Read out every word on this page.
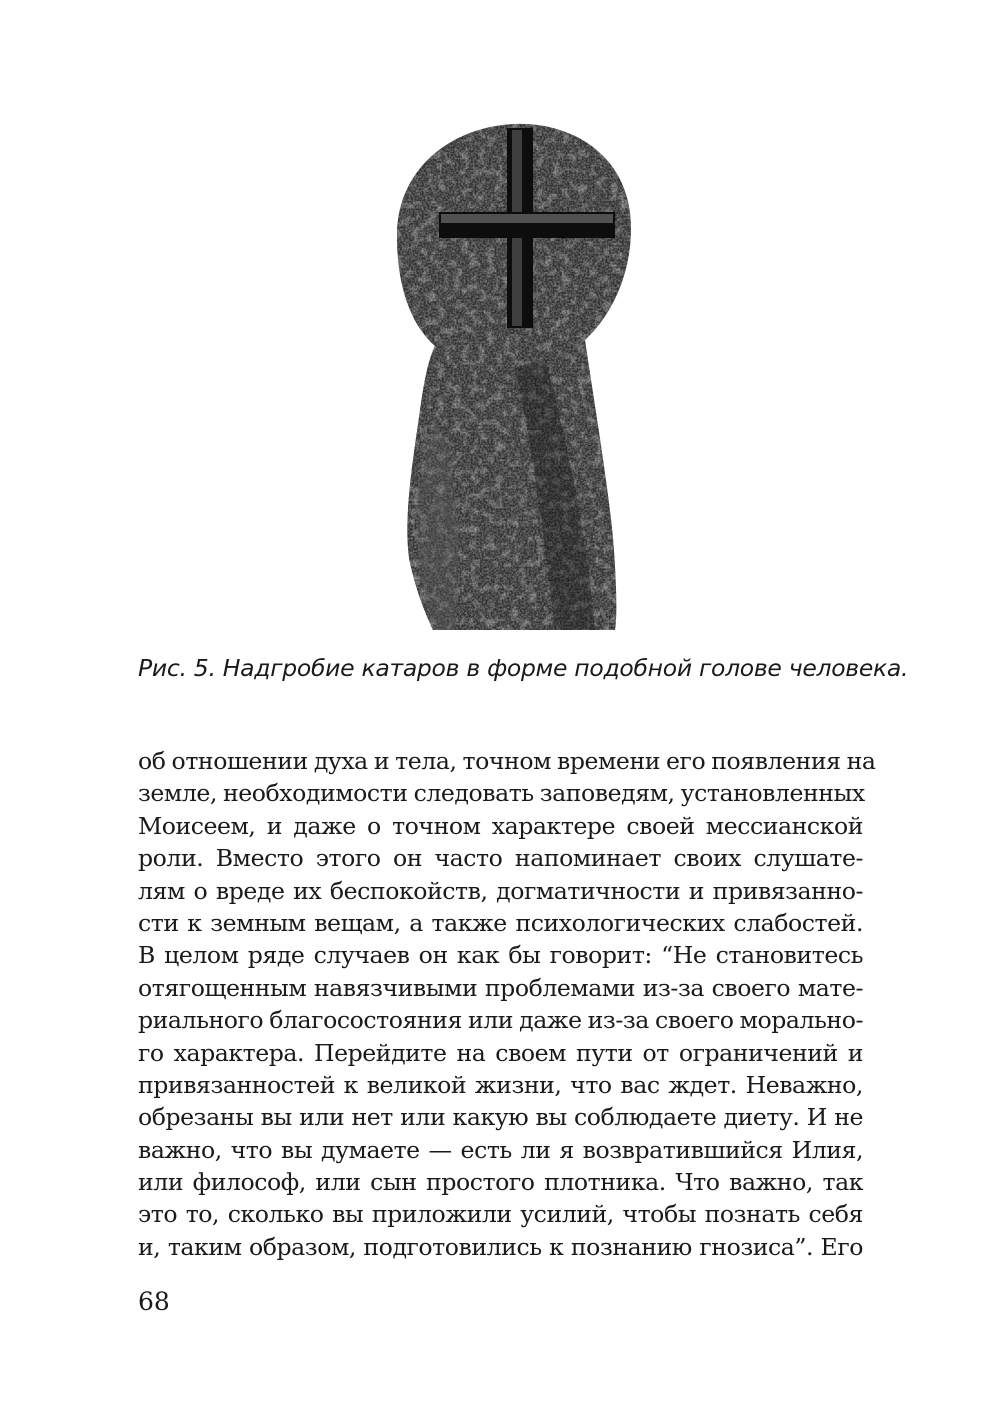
Рис. 5. Надгробие катаров в форме подобной голове человека.
об отношении духа и тела, точном времени его появления на
земле, необходимости следовать заповедям, установленных
Моисеем, и даже о точном характере своей мессианской
роли. Вместо этого он часто напоминает своих слушате-
лям о вреде их беспокойств, догматичности и привязанно-
сти к земным вещам, а также психологических слабостей.
В целом ряде случаев он как бы говорит: “Не становитесь
отягощенным навязчивыми проблемами из-за своего мате-
риального благосостояния или даже из-за своего морально-
го характера. Перейдите на своем пути от ограничений и
привязанностей к великой жизни, что вас ждет. Неважно,
обрезаны вы или нет или какую вы соблюдаете диету. И не
важно, что вы думаете — есть ли я возвратившийся Илия,
или философ, или сын простого плотника. Что важно, так
это то, сколько вы приложили усилий, чтобы познать себя
и, таким образом, подготовились к познанию гнозиса”. Его
68
